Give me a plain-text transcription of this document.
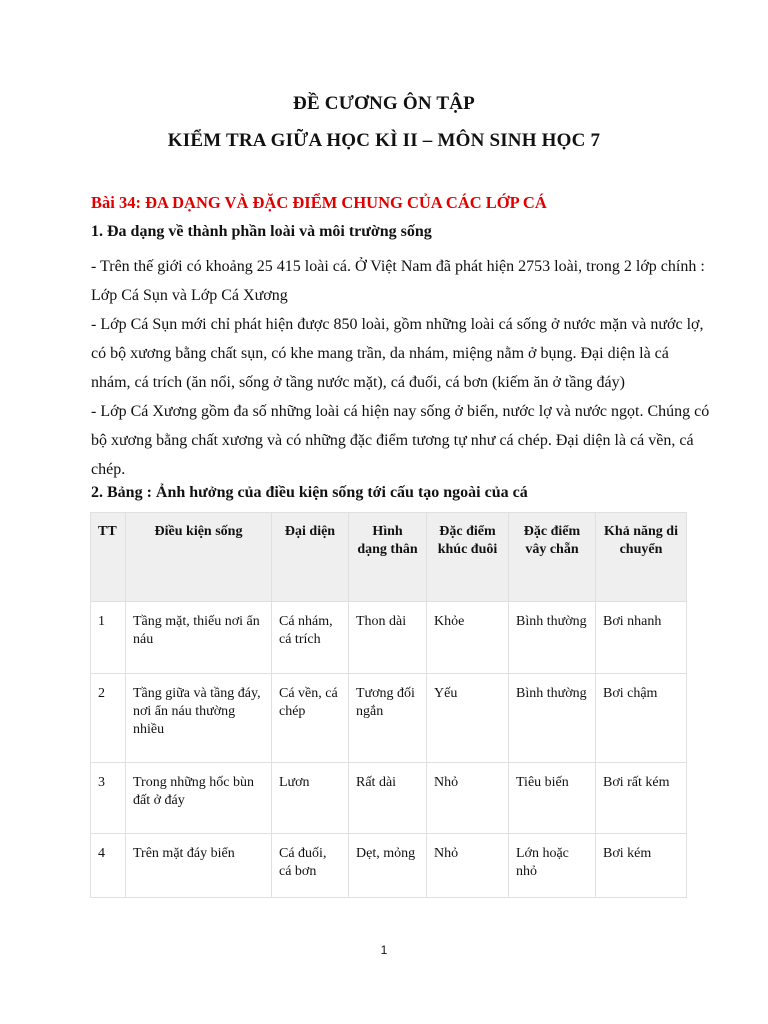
ĐỀ CƯƠNG ÔN TẬP
KIỂM TRA GIỮA HỌC KÌ II – MÔN SINH HỌC 7
Bài 34: ĐA DẠNG VÀ ĐẶC ĐIỂM CHUNG CỦA CÁC LỚP CÁ
1. Đa dạng về thành phần loài và môi trường sống

- Trên thế giới có khoảng 25 415 loài cá. Ở Việt Nam đã phát hiện 2753 loài, trong 2 lớp chính : Lớp Cá Sụn và Lớp Cá Xương

- Lớp Cá Sụn mới chỉ phát hiện được 850 loài, gồm những loài cá sống ở nước mặn và nước lợ, có bộ xương bằng chất sụn, có khe mang trần, da nhám, miệng nằm ở bụng. Đại diện là cá nhám, cá trích (ăn nổi, sống ở tầng nước mặt), cá đuối, cá bơn (kiếm ăn ở tầng đáy)

- Lớp Cá Xương gồm đa số những loài cá hiện nay sống ở biển, nước lợ và nước ngọt. Chúng có bộ xương bằng chất xương và có những đặc điểm tương tự như cá chép. Đại diện là cá vền, cá chép.

2. Bảng : Ảnh hưởng của điều kiện sống tới cấu tạo ngoài của cá
TT	Điều kiện sống	Đại diện	Hình dạng thân	Đặc điểm khúc đuôi	Đặc điểm vây chẵn	Khả năng di chuyển
1	Tầng mặt, thiếu nơi ẩn náu	Cá nhám, cá trích	Thon dài	Khỏe	Bình thường	Bơi nhanh
2	Tầng giữa và tầng đáy, nơi ẩn náu thường nhiều	Cá vền, cá chép	Tương đối ngắn	Yếu	Bình thường	Bơi chậm
3	Trong những hốc bùn đất ở đáy	Lươn	Rất dài	Nhỏ	Tiêu biến	Bơi rất kém
4	Trên mặt đáy biển	Cá đuối, cá bơn	Dẹt, mỏng	Nhỏ	Lớn hoặc nhỏ	Bơi kém
1
